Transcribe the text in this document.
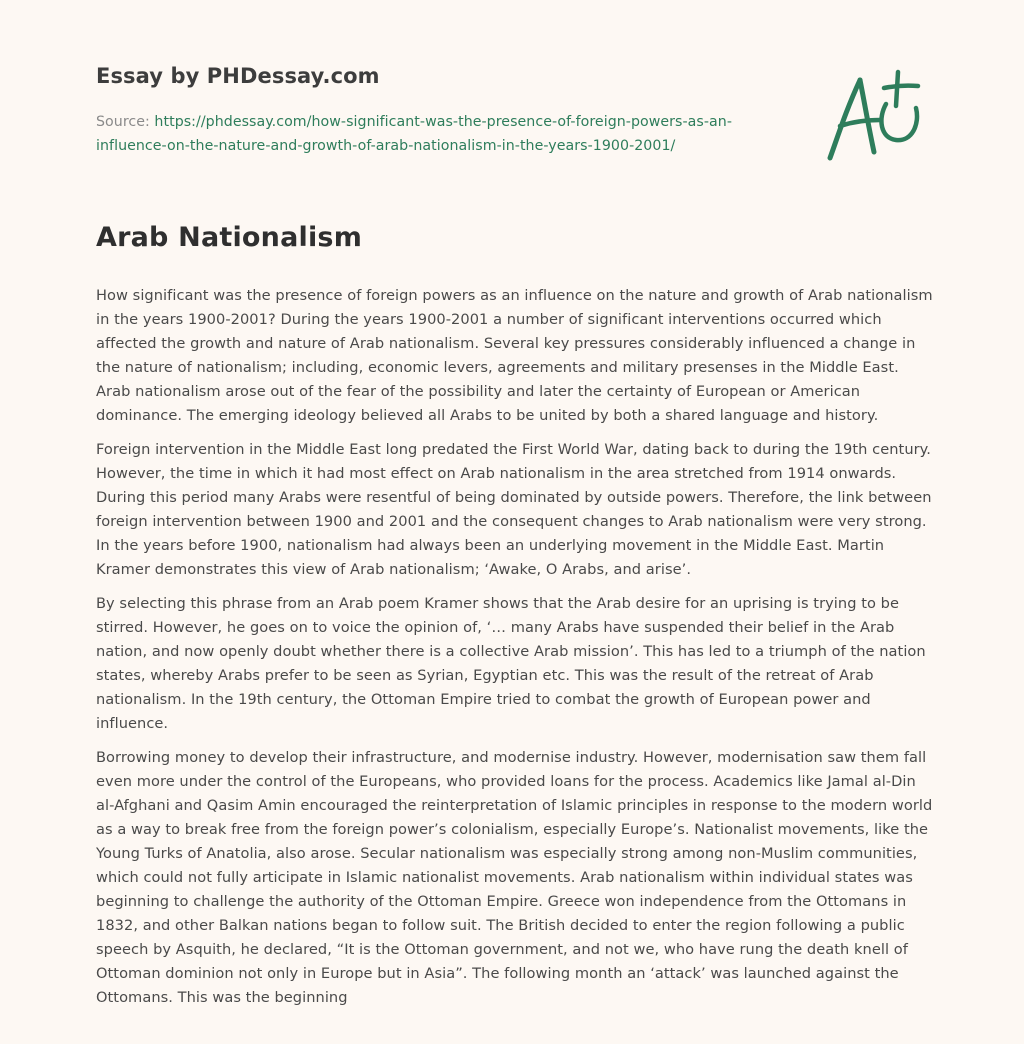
Essay by PHDessay.com
Source: https://phdessay.com/how-significant-was-the-presence-of-foreign-powers-as-an-influence-on-the-nature-and-growth-of-arab-nationalism-in-the-years-1900-2001/
Arab Nationalism

How significant was the presence of foreign powers as an influence on the nature and growth of Arab nationalism in the years 1900-2001? During the years 1900-2001 a number of significant interventions occurred which affected the growth and nature of Arab nationalism. Several key pressures considerably influenced a change in the nature of nationalism; including, economic levers, agreements and military presenses in the Middle East. Arab nationalism arose out of the fear of the possibility and later the certainty of European or American dominance. The emerging ideology believed all Arabs to be united by both a shared language and history.

Foreign intervention in the Middle East long predated the First World War, dating back to during the 19th century. However, the time in which it had most effect on Arab nationalism in the area stretched from 1914 onwards. During this period many Arabs were resentful of being dominated by outside powers. Therefore, the link between foreign intervention between 1900 and 2001 and the consequent changes to Arab nationalism were very strong. In the years before 1900, nationalism had always been an underlying movement in the Middle East. Martin Kramer demonstrates this view of Arab nationalism; ‘Awake, O Arabs, and arise’.

By selecting this phrase from an Arab poem Kramer shows that the Arab desire for an uprising is trying to be stirred. However, he goes on to voice the opinion of, ‘… many Arabs have suspended their belief in the Arab nation, and now openly doubt whether there is a collective Arab mission’. This has led to a triumph of the nation states, whereby Arabs prefer to be seen as Syrian, Egyptian etc. This was the result of the retreat of Arab nationalism. In the 19th century, the Ottoman Empire tried to combat the growth of European power and influence.

Borrowing money to develop their infrastructure, and modernise industry. However, modernisation saw them fall even more under the control of the Europeans, who provided loans for the process. Academics like Jamal al-Din al-Afghani and Qasim Amin encouraged the reinterpretation of Islamic principles in response to the modern world as a way to break free from the foreign power’s colonialism, especially Europe’s. Nationalist movements, like the Young Turks of Anatolia, also arose. Secular nationalism was especially strong among non-Muslim communities, which could not fully articipate in Islamic nationalist movements. Arab nationalism within individual states was beginning to challenge the authority of the Ottoman Empire. Greece won independence from the Ottomans in 1832, and other Balkan nations began to follow suit. The British decided to enter the region following a public speech by Asquith, he declared, “It is the Ottoman government, and not we, who have rung the death knell of Ottoman dominion not only in Europe but in Asia”. The following month an ‘attack’ was launched against the Ottomans. This was the beginning
